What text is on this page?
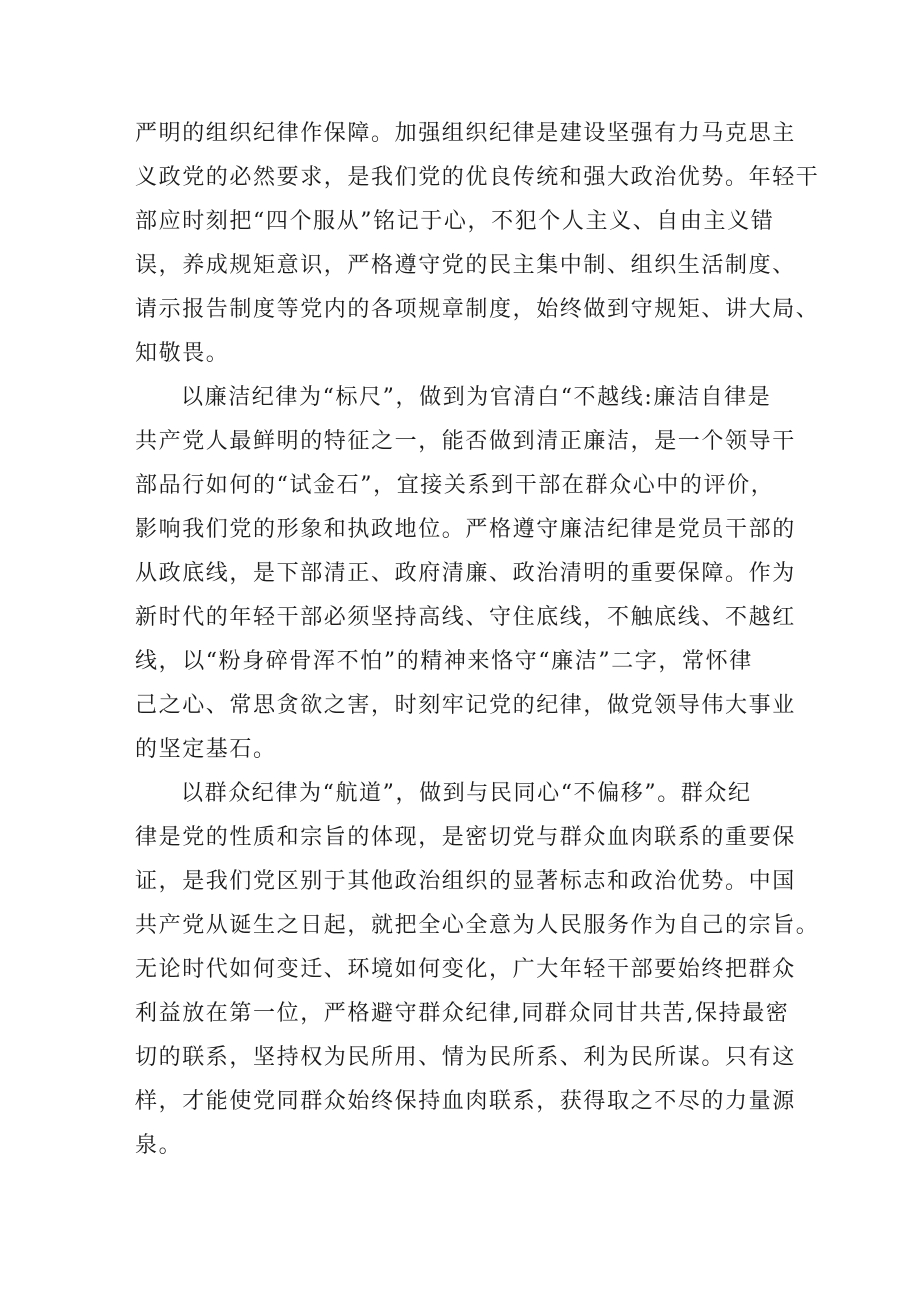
严明的组织纪律作保障。加强组织纪律是建设坚强有力马克思主
义政党的必然要求，是我们党的优良传统和强大政治优势。年轻干
部应时刻把“四个服从”铭记于心，不犯个人主义、自由主义错
误，养成规矩意识，严格遵守党的民主集中制、组织生活制度、
请示报告制度等党内的各项规章制度，始终做到守规矩、讲大局、
知敬畏。
以廉洁纪律为“标尺”，做到为官清白“不越线:廉洁自律是
共产党人最鲜明的特征之一，能否做到清正廉洁，是一个领导干
部品行如何的“试金石”，宜接关系到干部在群众心中的评价，
影响我们党的形象和执政地位。严格遵守廉洁纪律是党员干部的
从政底线，是下部清正、政府清廉、政治清明的重要保障。作为
新时代的年轻干部必须坚持高线、守住底线，不触底线、不越红
线，以“粉身碎骨浑不怕”的精神来恪守“廉洁”二字，常怀律
己之心、常思贪欲之害，时刻牢记党的纪律，做党领导伟大事业
的坚定基石。
以群众纪律为“航道”，做到与民同心“不偏移”。群众纪
律是党的性质和宗旨的体现，是密切党与群众血肉联系的重要保
证，是我们党区别于其他政治组织的显著标志和政治优势。中国
共产党从诞生之日起，就把全心全意为人民服务作为自己的宗旨。
无论时代如何变迁、环境如何变化，广大年轻干部要始终把群众
利益放在第一位，严格避守群众纪律,同群众同甘共苦,保持最密
切的联系，坚持权为民所用、情为民所系、利为民所谋。只有这
样，才能使党同群众始终保持血肉联系，获得取之不尽的力量源
泉。
